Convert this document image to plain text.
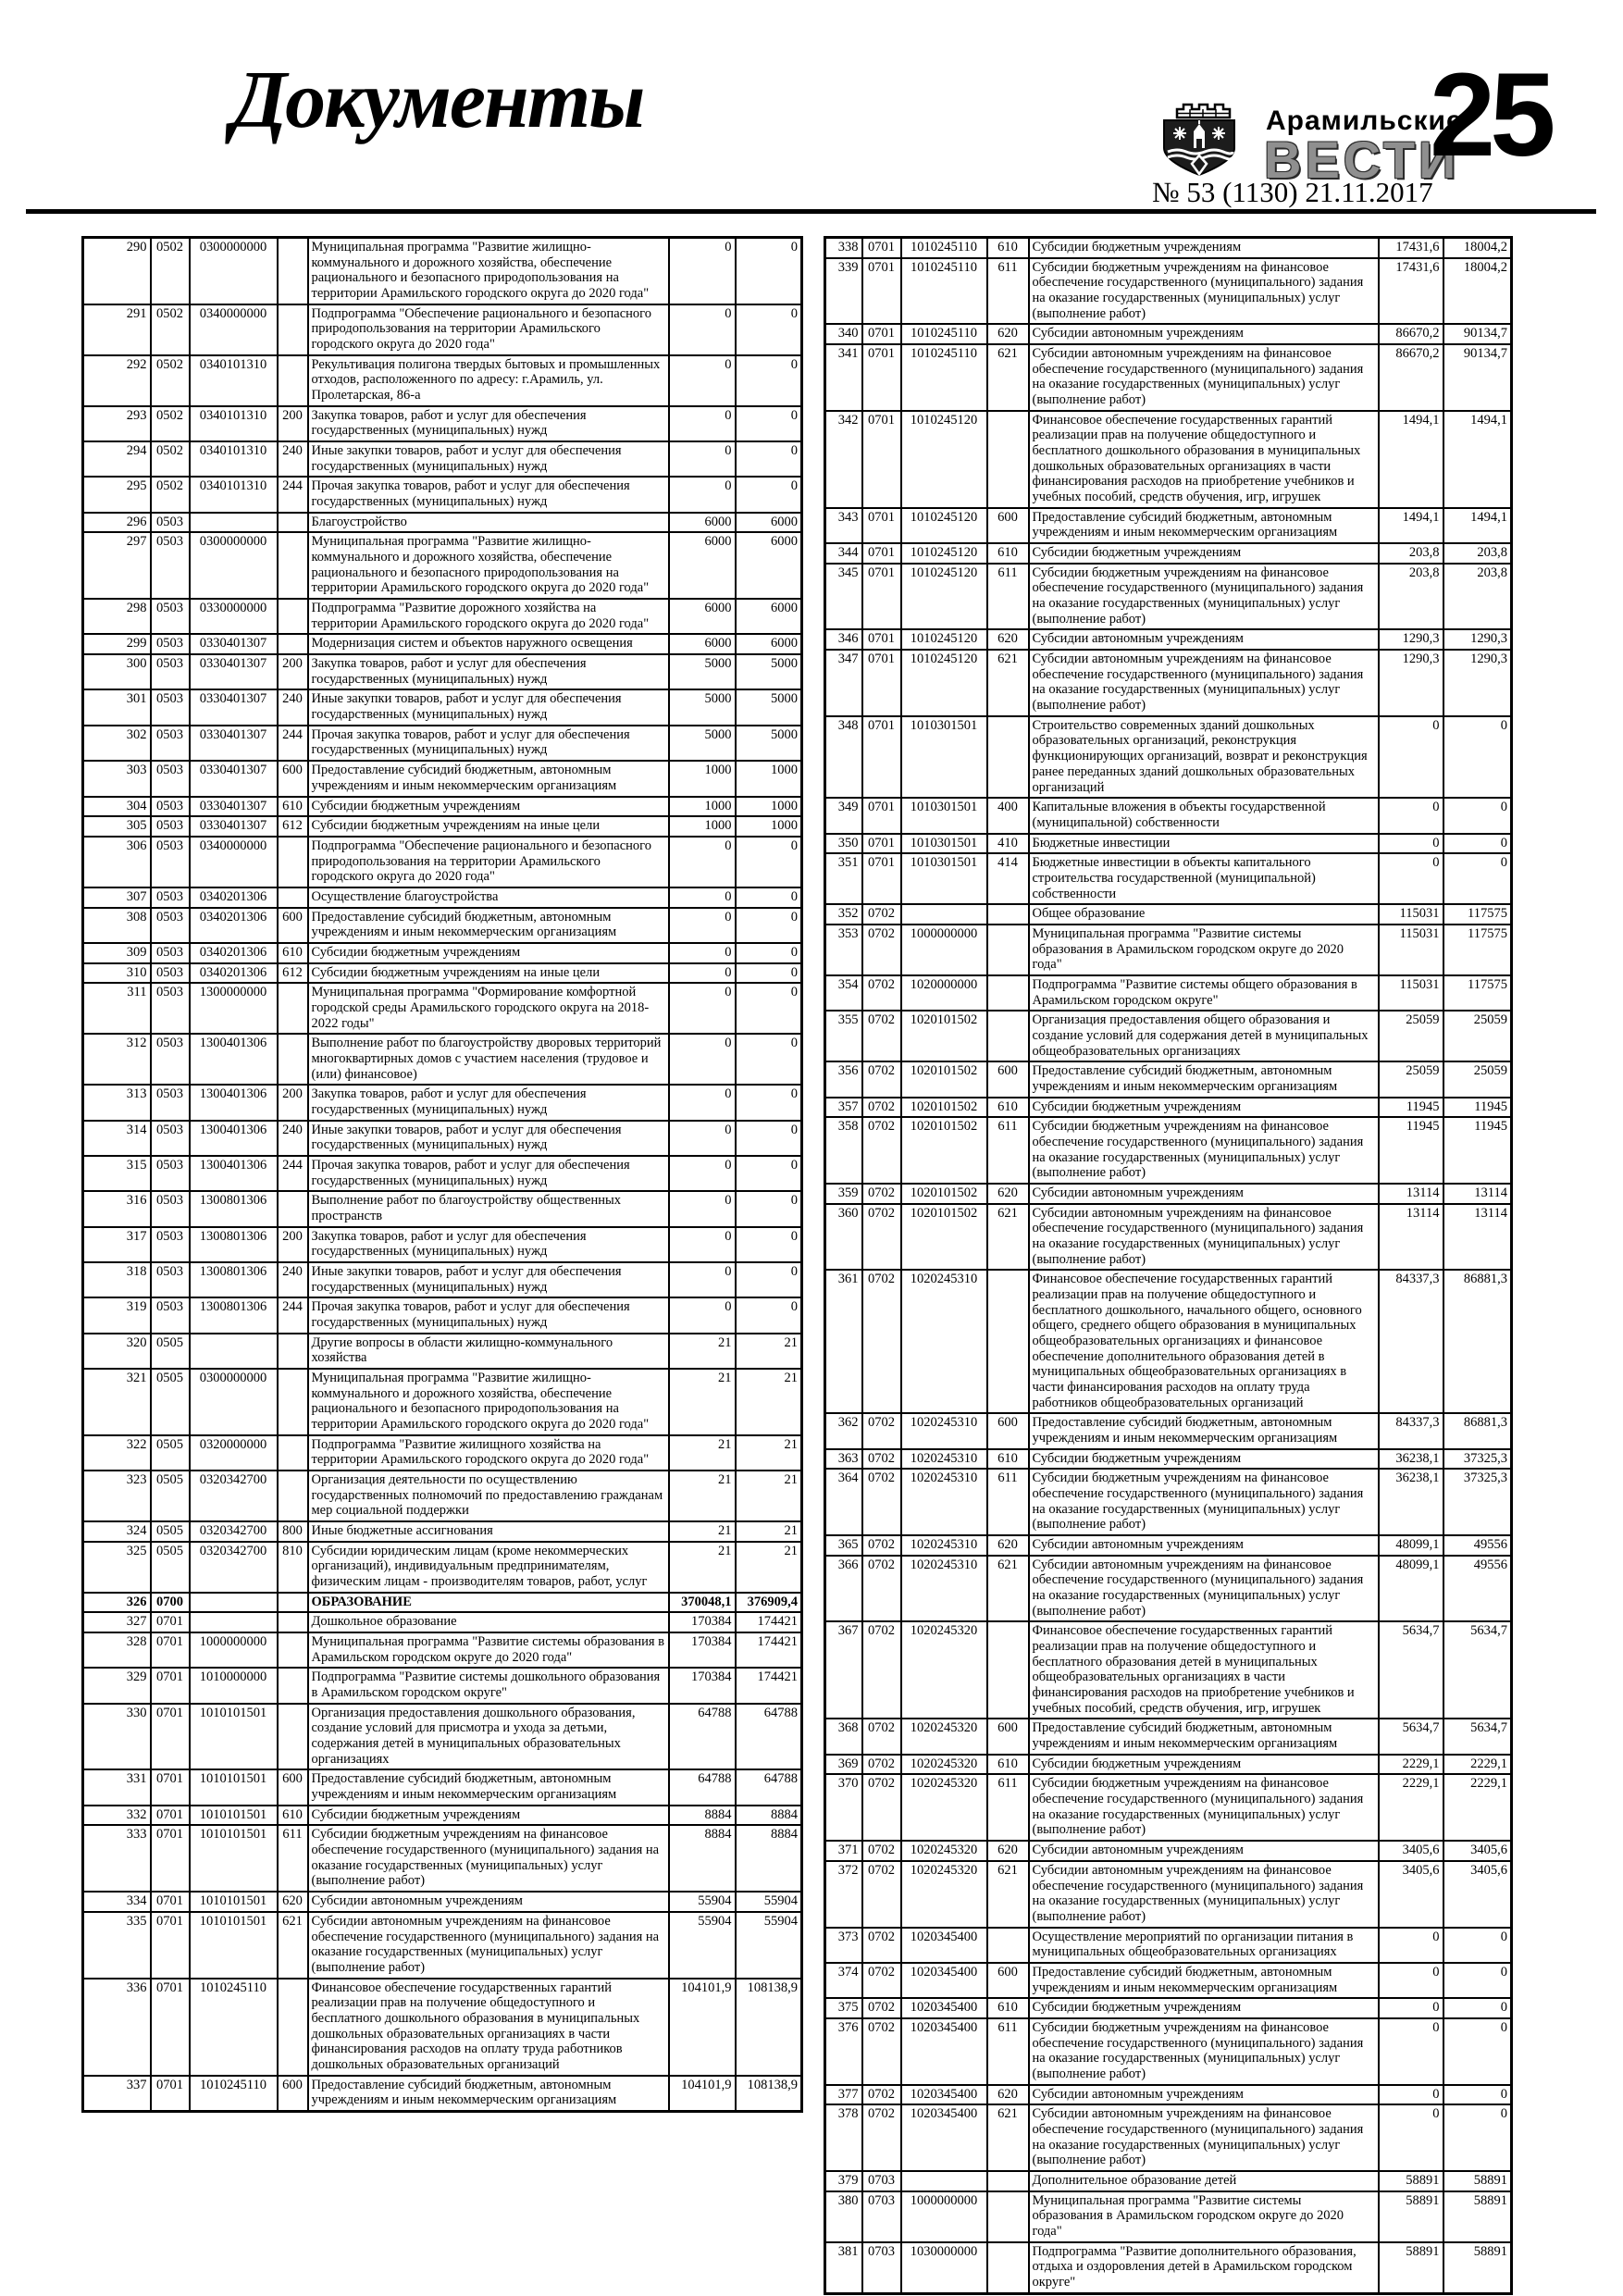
Документы	Арамильские
ВЕСТИ
№ 53 (1130) 21.11.2017
25
290	0502	0300000000		Муниципальная программа "Развитие жилищно-коммунального и дорожного хозяйства, обеспечение рационального и безопасного природопользования на территории Арамильского городского округа до 2020 года"	0	0
291	0502	0340000000		Подпрограмма "Обеспечение рационального и безопасного природопользования на территории Арамильского городского округа до 2020 года"	0	0
292	0502	0340101310		Рекультивация полигона твердых бытовых и промышленных отходов, расположенного по адресу: г.Арамиль, ул. Пролетарская, 86-а	0	0
293	0502	0340101310	200	Закупка товаров, работ и услуг для обеспечения государственных (муниципальных) нужд	0	0
294	0502	0340101310	240	Иные закупки товаров, работ и услуг для обеспечения государственных (муниципальных) нужд	0	0
295	0502	0340101310	244	Прочая закупка товаров, работ и услуг для обеспечения государственных (муниципальных) нужд	0	0
296	0503			Благоустройство	6000	6000
297	0503	0300000000		Муниципальная программа "Развитие жилищно-коммунального и дорожного хозяйства, обеспечение рационального и безопасного природопользования на территории Арамильского городского округа до 2020 года"	6000	6000
298	0503	0330000000		Подпрограмма "Развитие дорожного хозяйства на территории Арамильского городского округа до 2020 года"	6000	6000
299	0503	0330401307		Модернизация систем и объектов наружного освещения	6000	6000
300	0503	0330401307	200	Закупка товаров, работ и услуг для обеспечения государственных (муниципальных) нужд	5000	5000
301	0503	0330401307	240	Иные закупки товаров, работ и услуг для обеспечения государственных (муниципальных) нужд	5000	5000
302	0503	0330401307	244	Прочая закупка товаров, работ и услуг для обеспечения государственных (муниципальных) нужд	5000	5000
303	0503	0330401307	600	Предоставление субсидий бюджетным, автономным учреждениям и иным некоммерческим организациям	1000	1000
304	0503	0330401307	610	Субсидии бюджетным учреждениям	1000	1000
305	0503	0330401307	612	Субсидии бюджетным учреждениям на иные цели	1000	1000
306	0503	0340000000		Подпрограмма "Обеспечение рационального и безопасного природопользования на территории Арамильского городского округа до 2020 года"	0	0
307	0503	0340201306		Осуществление благоустройства	0	0
308	0503	0340201306	600	Предоставление субсидий бюджетным, автономным учреждениям и иным некоммерческим организациям	0	0
309	0503	0340201306	610	Субсидии бюджетным учреждениям	0	0
310	0503	0340201306	612	Субсидии бюджетным учреждениям на иные цели	0	0
311	0503	1300000000		Муниципальная программа "Формирование комфортной городской среды Арамильского городского округа на 2018-2022 годы"	0	0
312	0503	1300401306		Выполнение работ по благоустройству дворовых территорий многоквартирных домов с участием населения (трудовое и (или) финансовое)	0	0
313	0503	1300401306	200	Закупка товаров, работ и услуг для обеспечения государственных (муниципальных) нужд	0	0
314	0503	1300401306	240	Иные закупки товаров, работ и услуг для обеспечения государственных (муниципальных) нужд	0	0
315	0503	1300401306	244	Прочая закупка товаров, работ и услуг для обеспечения государственных (муниципальных) нужд	0	0
316	0503	1300801306		Выполнение работ по благоустройству общественных пространств	0	0
317	0503	1300801306	200	Закупка товаров, работ и услуг для обеспечения государственных (муниципальных) нужд	0	0
318	0503	1300801306	240	Иные закупки товаров, работ и услуг для обеспечения государственных (муниципальных) нужд	0	0
319	0503	1300801306	244	Прочая закупка товаров, работ и услуг для обеспечения государственных (муниципальных) нужд	0	0
320	0505			Другие вопросы в области жилищно-коммунального хозяйства	21	21
321	0505	0300000000		Муниципальная программа "Развитие жилищно-коммунального и дорожного хозяйства, обеспечение рационального и безопасного природопользования на территории Арамильского городского округа до 2020 года"	21	21
322	0505	0320000000		Подпрограмма "Развитие жилищного хозяйства на территории Арамильского городского округа до 2020 года"	21	21
323	0505	0320342700		Организация деятельности по осуществлению государственных полномочий по предоставлению гражданам мер социальной поддержки	21	21
324	0505	0320342700	800	Иные бюджетные ассигнования	21	21
325	0505	0320342700	810	Субсидии юридическим лицам (кроме некоммерческих организаций), индивидуальным предпринимателям, физическим лицам - производителям товаров, работ, услуг	21	21
326	0700			ОБРАЗОВАНИЕ	370048,1	376909,4
327	0701			Дошкольное образование	170384	174421
328	0701	1000000000		Муниципальная программа "Развитие системы образования в Арамильском городском округе до 2020 года"	170384	174421
329	0701	1010000000		Подпрограмма "Развитие системы дошкольного образования в Арамильском городском округе"	170384	174421
330	0701	1010101501		Организация предоставления дошкольного образования, создание условий для присмотра и ухода за детьми, содержания детей в муниципальных образовательных организациях	64788	64788
331	0701	1010101501	600	Предоставление субсидий бюджетным, автономным учреждениям и иным некоммерческим организациям	64788	64788
332	0701	1010101501	610	Субсидии бюджетным учреждениям	8884	8884
333	0701	1010101501	611	Субсидии бюджетным учреждениям на финансовое обеспечение государственного (муниципального) задания на оказание государственных (муниципальных) услуг (выполнение работ)	8884	8884
334	0701	1010101501	620	Субсидии автономным учреждениям	55904	55904
335	0701	1010101501	621	Субсидии автономным учреждениям на финансовое обеспечение государственного (муниципального) задания на оказание государственных (муниципальных) услуг (выполнение работ)	55904	55904
336	0701	1010245110		Финансовое обеспечение государственных гарантий реализации прав на получение общедоступного и бесплатного дошкольного образования в муниципальных дошкольных образовательных организациях в части финансирования расходов на оплату труда работников дошкольных образовательных организаций	104101,9	108138,9
337	0701	1010245110	600	Предоставление субсидий бюджетным, автономным учреждениям и иным некоммерческим организациям	104101,9	108138,9
338	0701	1010245110	610	Субсидии бюджетным учреждениям	17431,6	18004,2
339	0701	1010245110	611	Субсидии бюджетным учреждениям на финансовое обеспечение государственного (муниципального) задания на оказание государственных (муниципальных) услуг (выполнение работ)	17431,6	18004,2
340	0701	1010245110	620	Субсидии автономным учреждениям	86670,2	90134,7
341	0701	1010245110	621	Субсидии автономным учреждениям на финансовое обеспечение государственного (муниципального) задания на оказание государственных (муниципальных) услуг (выполнение работ)	86670,2	90134,7
342	0701	1010245120		Финансовое обеспечение государственных гарантий реализации прав на получение общедоступного и бесплатного дошкольного образования в муниципальных дошкольных образовательных организациях в части финансирования расходов на приобретение учебников и учебных пособий, средств обучения, игр, игрушек	1494,1	1494,1
343	0701	1010245120	600	Предоставление субсидий бюджетным, автономным учреждениям и иным некоммерческим организациям	1494,1	1494,1
344	0701	1010245120	610	Субсидии бюджетным учреждениям	203,8	203,8
345	0701	1010245120	611	Субсидии бюджетным учреждениям на финансовое обеспечение государственного (муниципального) задания на оказание государственных (муниципальных) услуг (выполнение работ)	203,8	203,8
346	0701	1010245120	620	Субсидии автономным учреждениям	1290,3	1290,3
347	0701	1010245120	621	Субсидии автономным учреждениям на финансовое обеспечение государственного (муниципального) задания на оказание государственных (муниципальных) услуг (выполнение работ)	1290,3	1290,3
348	0701	1010301501		Строительство современных зданий дошкольных образовательных организаций, реконструкция функционирующих организаций, возврат и реконструкция ранее переданных зданий дошкольных образовательных организаций	0	0
349	0701	1010301501	400	Капитальные вложения в объекты государственной (муниципальной) собственности	0	0
350	0701	1010301501	410	Бюджетные инвестиции	0	0
351	0701	1010301501	414	Бюджетные инвестиции в объекты капитального строительства государственной (муниципальной) собственности	0	0
352	0702			Общее образование	115031	117575
353	0702	1000000000		Муниципальная программа "Развитие системы образования в Арамильском городском округе до 2020 года"	115031	117575
354	0702	1020000000		Подпрограмма "Развитие системы общего образования в Арамильском городском округе"	115031	117575
355	0702	1020101502		Организация предоставления общего образования и создание условий для содержания детей в муниципальных общеобразовательных организациях	25059	25059
356	0702	1020101502	600	Предоставление субсидий бюджетным, автономным учреждениям и иным некоммерческим организациям	25059	25059
357	0702	1020101502	610	Субсидии бюджетным учреждениям	11945	11945
358	0702	1020101502	611	Субсидии бюджетным учреждениям на финансовое обеспечение государственного (муниципального) задания на оказание государственных (муниципальных) услуг (выполнение работ)	11945	11945
359	0702	1020101502	620	Субсидии автономным учреждениям	13114	13114
360	0702	1020101502	621	Субсидии автономным учреждениям на финансовое обеспечение государственного (муниципального) задания на оказание государственных (муниципальных) услуг (выполнение работ)	13114	13114
361	0702	1020245310		Финансовое обеспечение государственных гарантий реализации прав на получение общедоступного и бесплатного дошкольного, начального общего, основного общего, среднего общего образования в муниципальных общеобразовательных организациях и финансовое обеспечение дополнительного образования детей в муниципальных общеобразовательных организациях в части финансирования расходов на оплату труда работников общеобразовательных организаций	84337,3	86881,3
362	0702	1020245310	600	Предоставление субсидий бюджетным, автономным учреждениям и иным некоммерческим организациям	84337,3	86881,3
363	0702	1020245310	610	Субсидии бюджетным учреждениям	36238,1	37325,3
364	0702	1020245310	611	Субсидии бюджетным учреждениям на финансовое обеспечение государственного (муниципального) задания на оказание государственных (муниципальных) услуг (выполнение работ)	36238,1	37325,3
365	0702	1020245310	620	Субсидии автономным учреждениям	48099,1	49556
366	0702	1020245310	621	Субсидии автономным учреждениям на финансовое обеспечение государственного (муниципального) задания на оказание государственных (муниципальных) услуг (выполнение работ)	48099,1	49556
367	0702	1020245320		Финансовое обеспечение государственных гарантий реализации прав на получение общедоступного и бесплатного образования детей в муниципальных общеобразовательных организациях в части финансирования расходов на приобретение учебников и учебных пособий, средств обучения, игр, игрушек	5634,7	5634,7
368	0702	1020245320	600	Предоставление субсидий бюджетным, автономным учреждениям и иным некоммерческим организациям	5634,7	5634,7
369	0702	1020245320	610	Субсидии бюджетным учреждениям	2229,1	2229,1
370	0702	1020245320	611	Субсидии бюджетным учреждениям на финансовое обеспечение государственного (муниципального) задания на оказание государственных (муниципальных) услуг (выполнение работ)	2229,1	2229,1
371	0702	1020245320	620	Субсидии автономным учреждениям	3405,6	3405,6
372	0702	1020245320	621	Субсидии автономным учреждениям на финансовое обеспечение государственного (муниципального) задания на оказание государственных (муниципальных) услуг (выполнение работ)	3405,6	3405,6
373	0702	1020345400		Осуществление мероприятий по организации питания в муниципальных общеобразовательных организациях	0	0
374	0702	1020345400	600	Предоставление субсидий бюджетным, автономным учреждениям и иным некоммерческим организациям	0	0
375	0702	1020345400	610	Субсидии бюджетным учреждениям	0	0
376	0702	1020345400	611	Субсидии бюджетным учреждениям на финансовое обеспечение государственного (муниципального) задания на оказание государственных (муниципальных) услуг (выполнение работ)	0	0
377	0702	1020345400	620	Субсидии автономным учреждениям	0	0
378	0702	1020345400	621	Субсидии автономным учреждениям на финансовое обеспечение государственного (муниципального) задания на оказание государственных (муниципальных) услуг (выполнение работ)	0	0
379	0703			Дополнительное образование детей	58891	58891
380	0703	1000000000		Муниципальная программа "Развитие системы образования в Арамильском городском округе до 2020 года"	58891	58891
381	0703	1030000000		Подпрограмма "Развитие дополнительного образования, отдыха и оздоровления детей в Арамильском городском округе"	58891	58891
